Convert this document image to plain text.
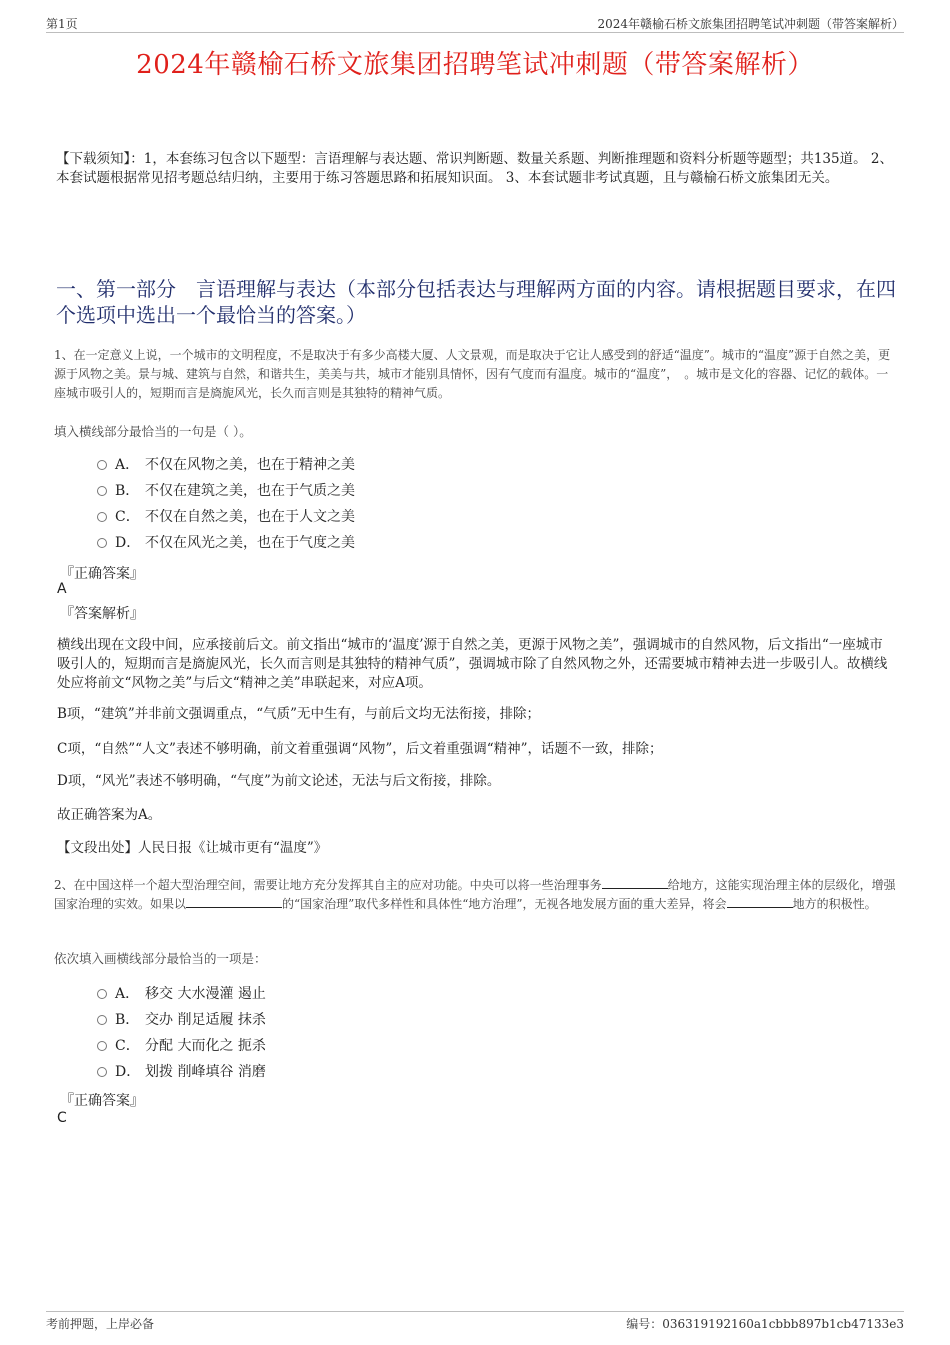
第1页	2024年赣榆石桥文旅集团招聘笔试冲刺题（带答案解析）
2024年赣榆石桥文旅集团招聘笔试冲刺题（带答案解析）
【下载须知】：1，本套练习包含以下题型：言语理解与表达题、常识判断题、数量关系题、判断推理题和资料分析题等题型；共135道。 2、本套试题根据常见招考题总结归纳，主要用于练习答题思路和拓展知识面。 3、本套试题非考试真题，且与赣榆石桥文旅集团无关。
一、第一部分　言语理解与表达（本部分包括表达与理解两方面的内容。请根据题目要求，在四个选项中选出一个最恰当的答案。）
1、在一定意义上说，一个城市的文明程度，不是取决于有多少高楼大厦、人文景观，而是取决于它让人感受到的舒适“温度”。城市的“温度”源于自然之美，更源于风物之美。景与城、建筑与自然，和谐共生，美美与共，城市才能别具情怀，因有气度而有温度。城市的“温度”，　。城市是文化的容器、记忆的载体。一座城市吸引人的，短期而言是旖旎风光，长久而言则是其独特的精神气质。
填入横线部分最恰当的一句是（ ）。
A． 不仅在风物之美，也在于精神之美
B． 不仅在建筑之美，也在于气质之美
C． 不仅在自然之美，也在于人文之美
D． 不仅在风光之美，也在于气度之美
『正确答案』
A
『答案解析』
横线出现在文段中间，应承接前后文。前文指出“城市的‘温度’源于自然之美，更源于风物之美”，强调城市的自然风物，后文指出“一座城市吸引人的，短期而言是旖旎风光，长久而言则是其独特的精神气质”，强调城市除了自然风物之外，还需要城市精神去进一步吸引人。故横线处应将前文“风物之美”与后文“精神之美”串联起来，对应A项。
B项，“建筑”并非前文强调重点，“气质”无中生有，与前后文均无法衔接，排除；
C项，“自然”“人文”表述不够明确，前文着重强调“风物”，后文着重强调“精神”，话题不一致，排除；
D项，“风光”表述不够明确，“气度”为前文论述，无法与后文衔接，排除。
故正确答案为A。
【文段出处】人民日报《让城市更有“温度”》
2、在中国这样一个超大型治理空间，需要让地方充分发挥其自主的应对功能。中央可以将一些治理事务	给地方，这能实现治理主体的层级化，增强国家治理的实效。如果以	的“国家治理”取代多样性和具体性“地方治理”，无视各地发展方面的重大差异，将会	地方的积极性。
依次填入画横线部分最恰当的一项是：
A． 移交 大水漫灌 遏止
B． 交办 削足适履 抹杀
C． 分配 大而化之 扼杀
D． 划拨 削峰填谷 消磨
『正确答案』
C
考前押题，上岸必备	编号：036319192160a1cbbb897b1cb47133e3
